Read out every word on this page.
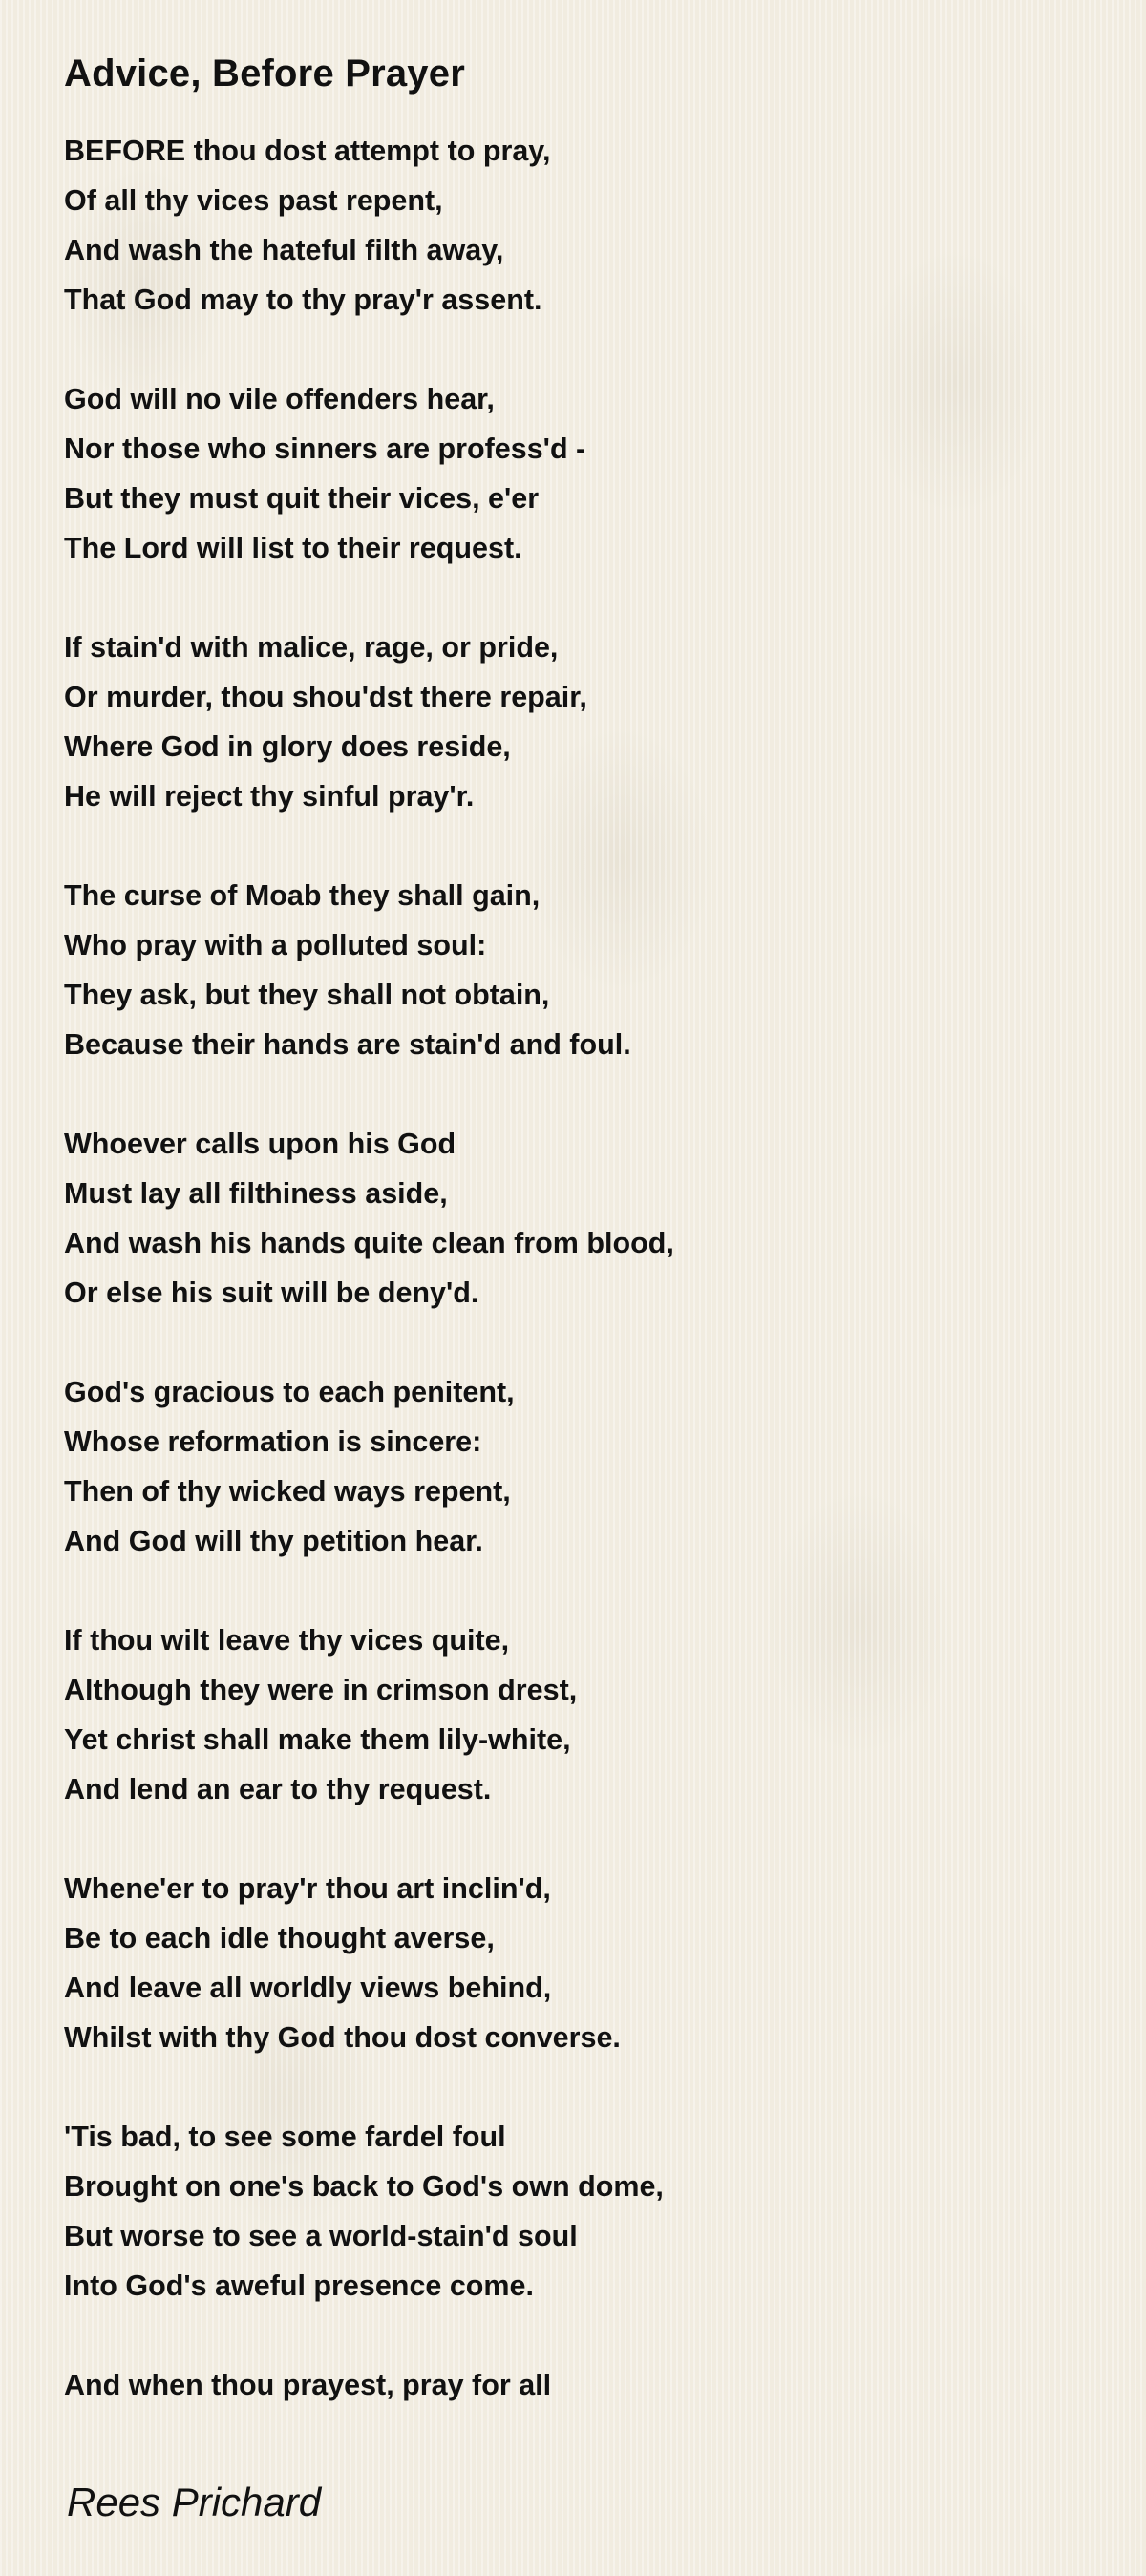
Advice, Before Prayer
BEFORE thou dost attempt to pray,
Of all thy vices past repent,
And wash the hateful filth away,
That God may to thy pray'r assent.
God will no vile offenders hear,
Nor those who sinners are profess'd -
But they must quit their vices, e'er
The Lord will list to their request.
If stain'd with malice, rage, or pride,
Or murder, thou shou'dst there repair,
Where God in glory does reside,
He will reject thy sinful pray'r.
The curse of Moab they shall gain,
Who pray with a polluted soul:
They ask, but they shall not obtain,
Because their hands are stain'd and foul.
Whoever calls upon his God
Must lay all filthiness aside,
And wash his hands quite clean from blood,
Or else his suit will be deny'd.
God's gracious to each penitent,
Whose reformation is sincere:
Then of thy wicked ways repent,
And God will thy petition hear.
If thou wilt leave thy vices quite,
Although they were in crimson drest,
Yet christ shall make them lily-white,
And lend an ear to thy request.
Whene'er to pray'r thou art inclin'd,
Be to each idle thought averse,
And leave all worldly views behind,
Whilst with thy God thou dost converse.
'Tis bad, to see some fardel foul
Brought on one's back to God's own dome,
But worse to see a world-stain'd soul
Into God's aweful presence come.
And when thou prayest, pray for all
Rees Prichard
